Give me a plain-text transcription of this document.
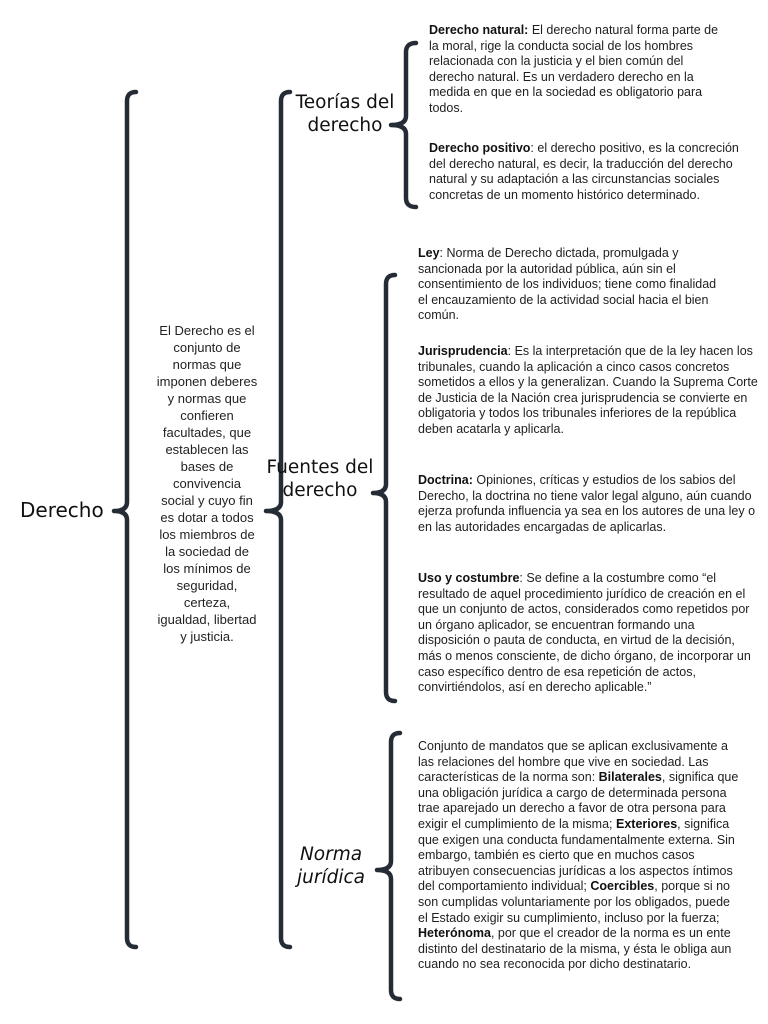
Derecho
El Derecho es el conjunto de normas que imponen deberes y normas que confieren facultades, que establecen las bases de convivencia social y cuyo fin es dotar a todos los miembros de la sociedad de los mínimos de seguridad, certeza, igualdad, libertad y justicia.
Teorías del derecho
Fuentes del derecho
Norma jurídica
Derecho natural: El derecho natural forma parte de la moral, rige la conducta social de los hombres relacionada con la justicia y el bien común del derecho natural. Es un verdadero derecho en la medida en que en la sociedad es obligatorio para todos.
Derecho positivo: el derecho positivo, es la concreción del derecho natural, es decir, la traducción del derecho natural y su adaptación a las circunstancias sociales concretas de un momento histórico determinado.
Ley: Norma de Derecho dictada, promulgada y sancionada por la autoridad pública, aún sin el consentimiento de los individuos; tiene como finalidad el encauzamiento de la actividad social hacia el bien común.
Jurisprudencia: Es la interpretación que de la ley hacen los tribunales, cuando la aplicación a cinco casos concretos sometidos a ellos y la generalizan. Cuando la Suprema Corte de Justicia de la Nación crea jurisprudencia se convierte en obligatoria y todos los tribunales inferiores de la república deben acatarla y aplicarla.
Doctrina: Opiniones, críticas y estudios de los sabios del Derecho, la doctrina no tiene valor legal alguno, aún cuando ejerza profunda influencia ya sea en los autores de una ley o en las autoridades encargadas de aplicarlas.
Uso y costumbre: Se define a la costumbre como “el resultado de aquel procedimiento jurídico de creación en el que un conjunto de actos, considerados como repetidos por un órgano aplicador, se encuentran formando una disposición o pauta de conducta, en virtud de la decisión, más o menos consciente, de dicho órgano, de incorporar un caso específico dentro de esa repetición de actos, convirtiéndolos, así en derecho aplicable.”
Conjunto de mandatos que se aplican exclusivamente a las relaciones del hombre que vive en sociedad. Las características de la norma son: Bilaterales, significa que una obligación jurídica a cargo de determinada persona trae aparejado un derecho a favor de otra persona para exigir el cumplimiento de la misma; Exteriores, significa que exigen una conducta fundamentalmente externa. Sin embargo, también es cierto que en muchos casos atribuyen consecuencias jurídicas a los aspectos íntimos del comportamiento individual; Coercibles, porque si no son cumplidas voluntariamente por los obligados, puede el Estado exigir su cumplimiento, incluso por la fuerza; Heterónoma, por que el creador de la norma es un ente distinto del destinatario de la misma, y ésta le obliga aun cuando no sea reconocida por dicho destinatario.
